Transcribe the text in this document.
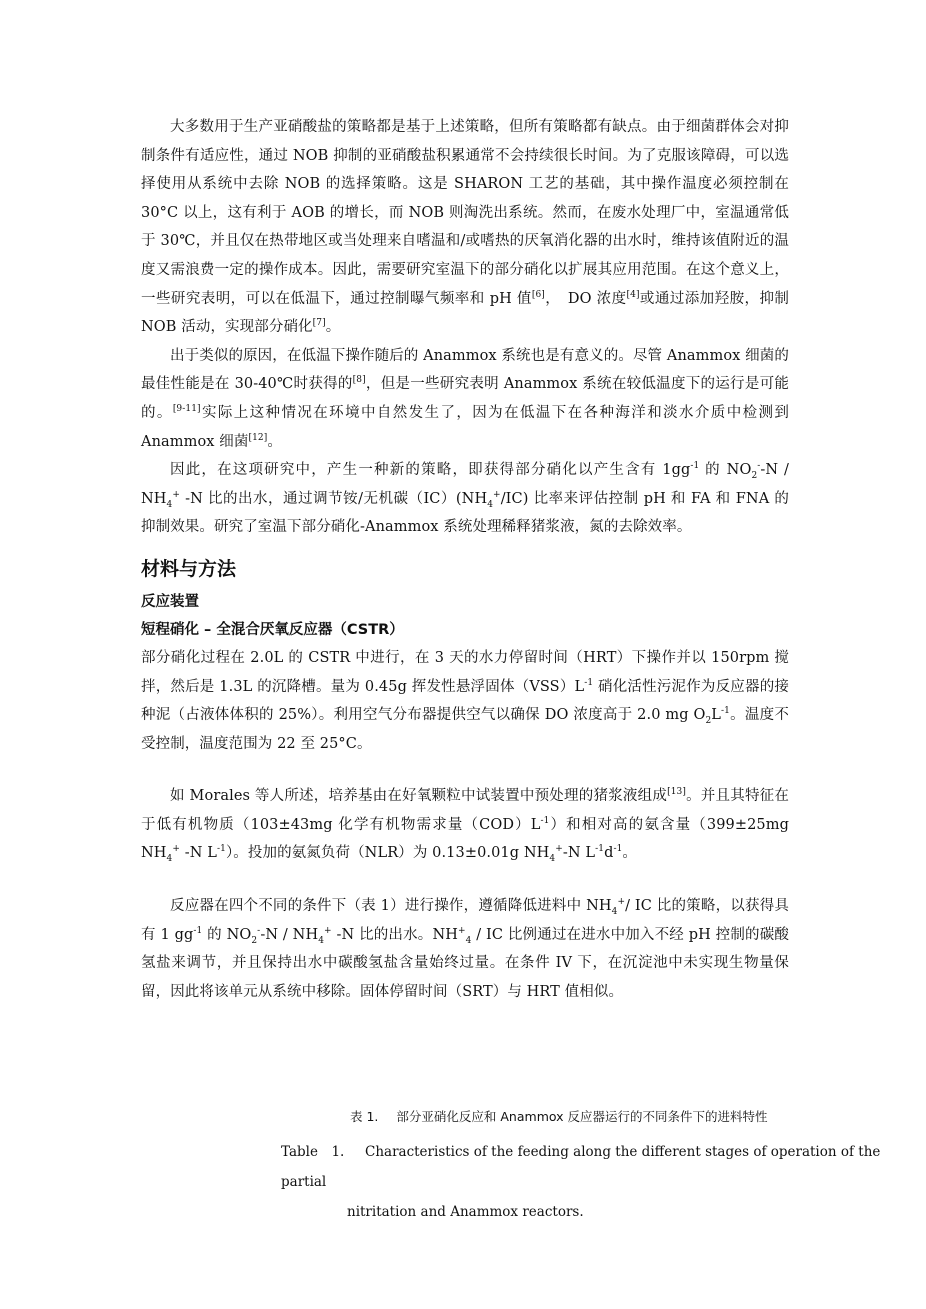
大多数用于生产亚硝酸盐的策略都是基于上述策略，但所有策略都有缺点。由于细菌群体会对抑制条件有适应性，通过 NOB 抑制的亚硝酸盐积累通常不会持续很长时间。为了克服该障碍，可以选择使用从系统中去除 NOB 的选择策略。这是 SHARON 工艺的基础，其中操作温度必须控制在 30°C 以上，这有利于 AOB 的增长，而 NOB 则淘洗出系统。然而，在废水处理厂中，室温通常低于 30℃，并且仅在热带地区或当处理来自嗜温和/或嗜热的厌氧消化器的出水时，维持该值附近的温度又需浪费一定的操作成本。因此，需要研究室温下的部分硝化以扩展其应用范围。在这个意义上，一些研究表明，可以在低温下，通过控制曝气频率和 pH 值[6]，　DO 浓度[4]或通过添加羟胺，抑制 NOB 活动，实现部分硝化[7]。

出于类似的原因，在低温下操作随后的 Anammox 系统也是有意义的。尽管 Anammox 细菌的最佳性能是在 30-40℃时获得的[8]，但是一些研究表明 Anammox 系统在较低温度下的运行是可能的。[9-11]实际上这种情况在环境中自然发生了，因为在低温下在各种海洋和淡水介质中检测到 Anammox 细菌[12]。

因此，在这项研究中，产生一种新的策略，即获得部分硝化以产生含有 $1gg^{-1}$ 的 $NO_2^--N / NH_4^+$ -N 比的出水，通过调节铵/无机碳$(IC)(NH_4^+/IC)$ 比率来评估控制 pH 和 FA 和 FNA 的抑制效果。研究了室温下部分硝化-Anammox 系统处理稀释猪浆液，氮的去除效率。

材料与方法
反应装置
短程硝化 – 全混合厌氧反应器（CSTR）

部分硝化过程在 2.0L 的 CSTR 中进行，在 3 天的水力停留时间（HRT）下操作并以 150rpm 搅拌，然后是 1.3L 的沉降槽。量为 0.45g 挥发性悬浮固体$(VSS)L^{-1}$ 硝化活性污泥作为反应器的接种泥（占液体体积的 25%）。利用空气分布器提供空气以确保 DO 浓度高于 2.0 mg $O_2L^{-1}$。温度不受控制，温度范围为 22 至 25°C。

如 Morales 等人所述，培养基由在好氧颗粒中试装置中预处理的猪浆液组成[13]。并且其特征在于低有机物质（103±43mg 化学有机物需求量$(COD)L^{-1}$）和相对高的氨含量（399±25mg $NH_4^+$ -N $L^{-1}$）。投加的氨氮负荷（NLR）为 0.13±0.01g $NH_4^+-N$ $L^{-1}d^{-1}$。

反应器在四个不同的条件下（表 1）进行操作，遵循降低进料中 $NH_4^+/$ IC 比的策略，以获得具有 1 $gg^{-1}$ 的 $NO_2^--N / NH_4^+$ -N 比的出水。$NH^+_4$ / IC 比例通过在进水中加入不经 pH 控制的碳酸氢盐来调节，并且保持出水中碳酸氢盐含量始终过量。在条件 IV 下，在沉淀池中未实现生物量保留，因此将该单元从系统中移除。固体停留时间（SRT）与 HRT 值相似。

表 1. 部分亚硝化反应和 Anammox 反应器运行的不同条件下的进料特性
Table　1. Characteristics of the feeding along the different stages of operation of the partial
nitritation and Anammox reactors.
